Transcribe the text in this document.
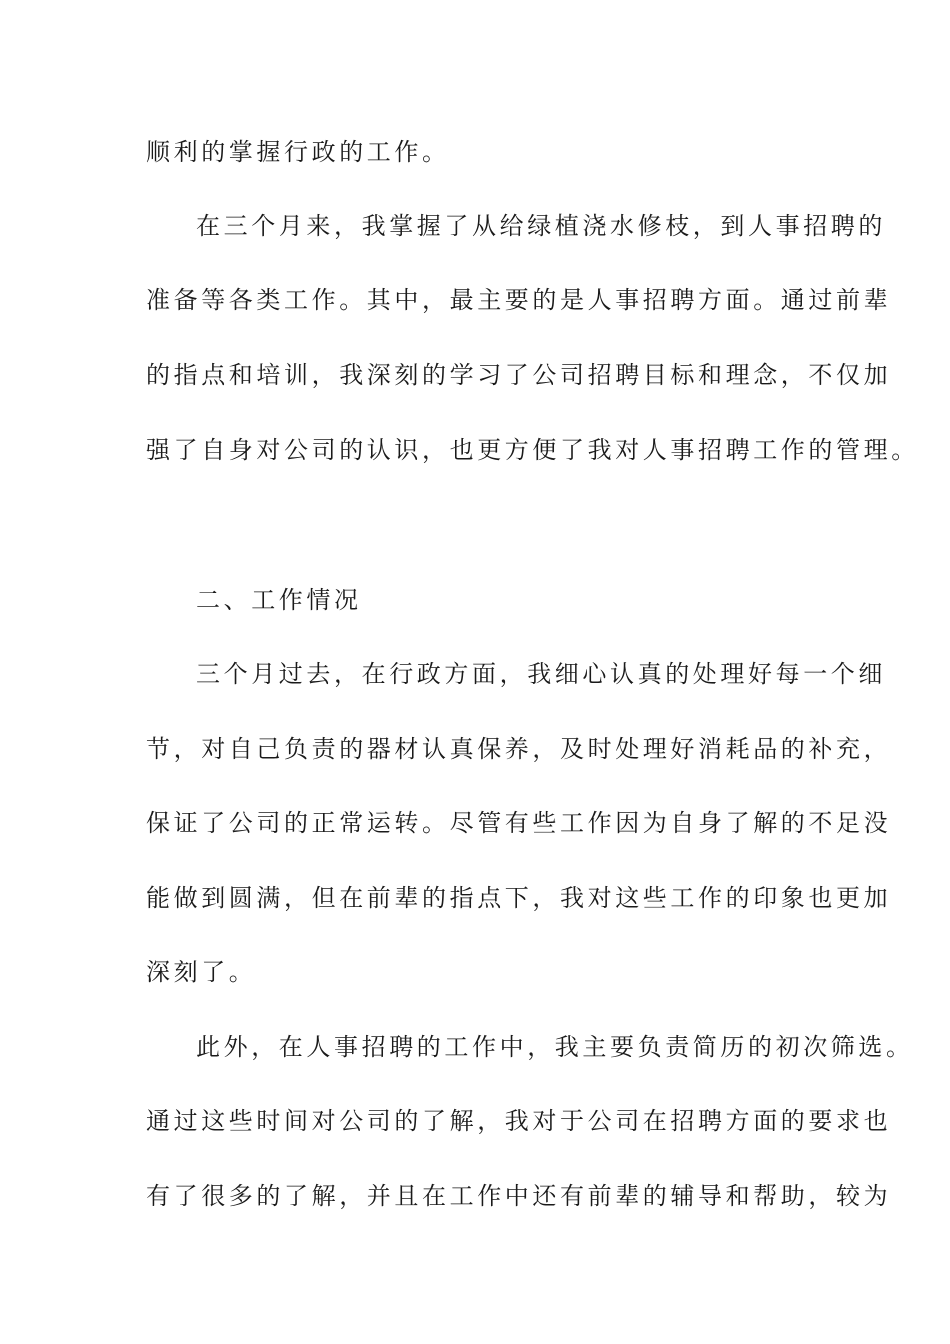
顺利的掌握行政的工作。
在三个月来，我掌握了从给绿植浇水修枝，到人事招聘的
准备等各类工作。其中，最主要的是人事招聘方面。通过前辈
的指点和培训，我深刻的学习了公司招聘目标和理念，不仅加
强了自身对公司的认识，也更方便了我对人事招聘工作的管理。
二、工作情况
三个月过去，在行政方面，我细心认真的处理好每一个细
节，对自己负责的器材认真保养，及时处理好消耗品的补充，
保证了公司的正常运转。尽管有些工作因为自身了解的不足没
能做到圆满，但在前辈的指点下，我对这些工作的印象也更加
深刻了。
此外，在人事招聘的工作中，我主要负责简历的初次筛选。
通过这些时间对公司的了解，我对于公司在招聘方面的要求也
有了很多的了解，并且在工作中还有前辈的辅导和帮助，较为
